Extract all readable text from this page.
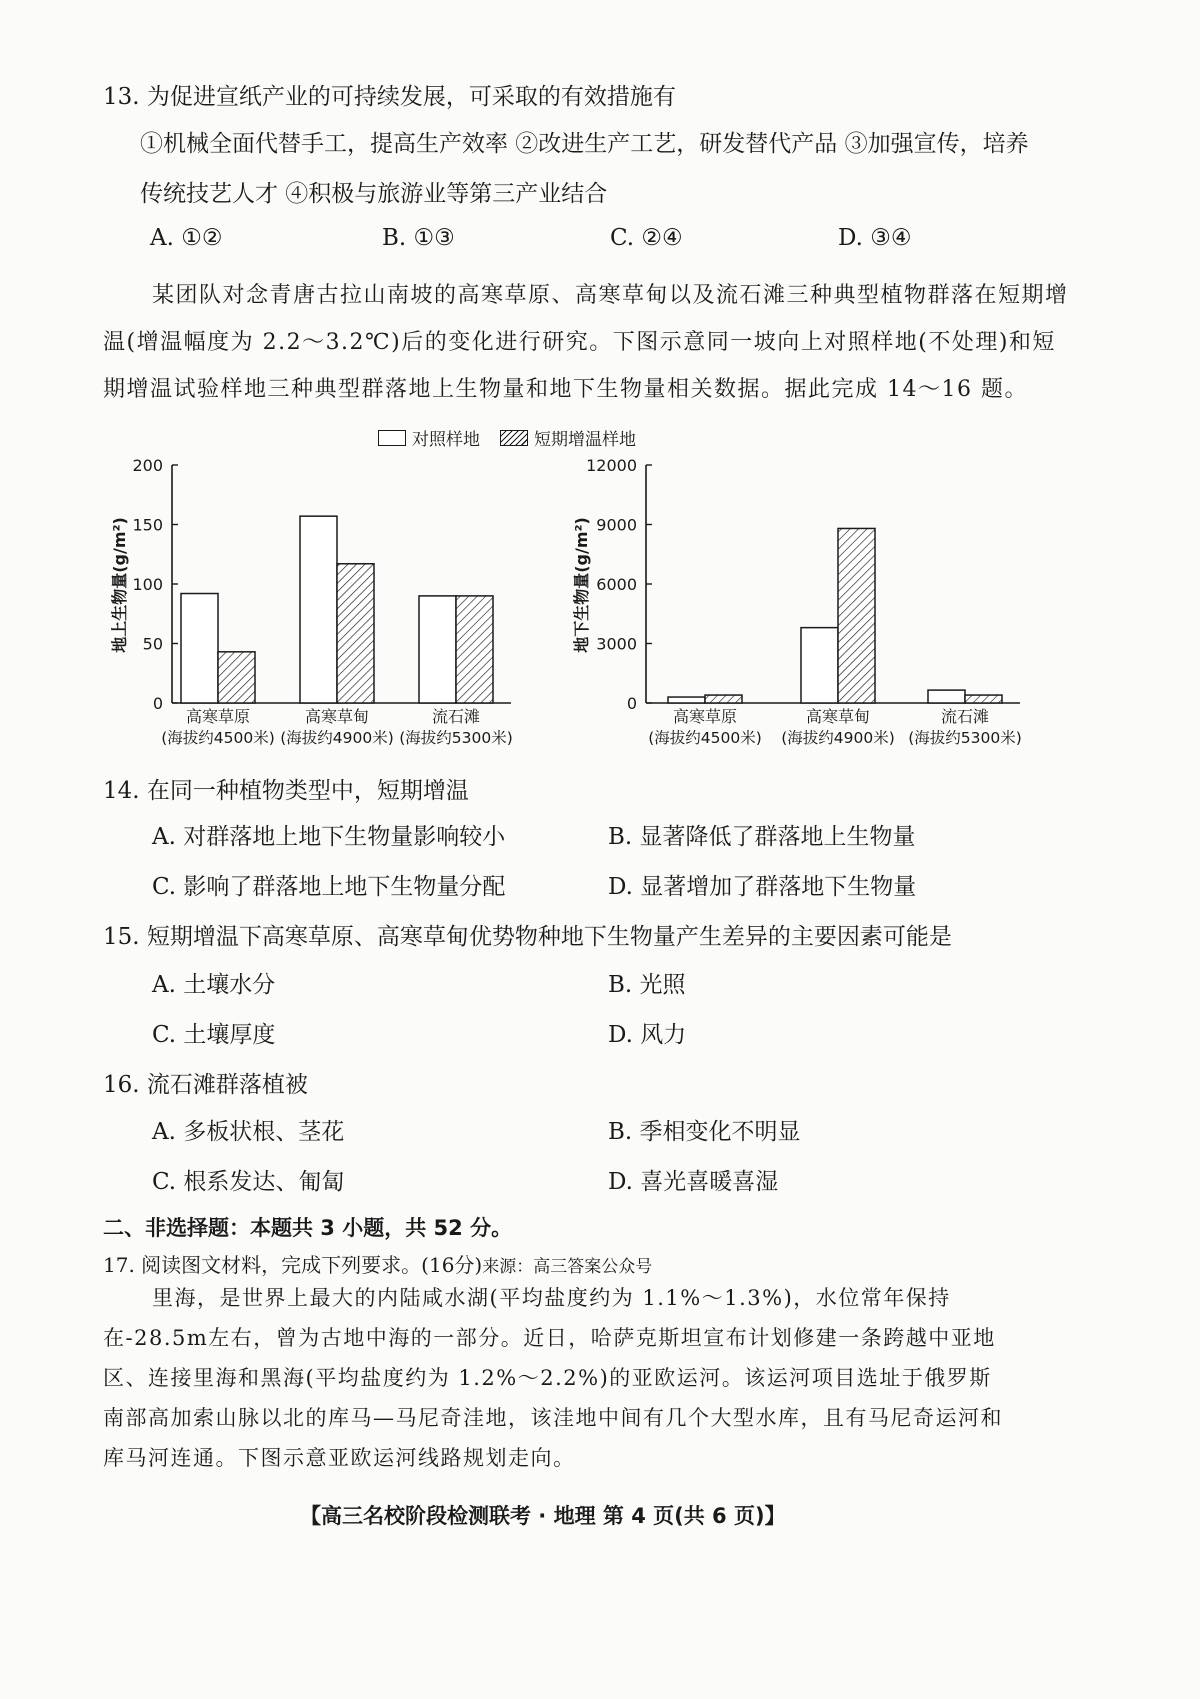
13. 为促进宣纸产业的可持续发展，可采取的有效措施有
①机械全面代替手工，提高生产效率 ②改进生产工艺，研发替代产品 ③加强宣传，培养
传统技艺人才 ④积极与旅游业等第三产业结合
A. ①②	B. ①③	C. ②④	D. ③④
某团队对念青唐古拉山南坡的高寒草原、高寒草甸以及流石滩三种典型植物群落在短期增
温(增温幅度为 2.2～3.2℃)后的变化进行研究。下图示意同一坡向上对照样地(不处理)和短
期增温试验样地三种典型群落地上生物量和地下生物量相关数据。据此完成 14～16 题。
对照样地	短期增温样地
0
50
100
150
200
地上生物量(g/m²)
高寒草原
(海拔约4500米)
高寒草甸
(海拔约4900米)
流石滩
(海拔约5300米)
0
3000
6000
9000
12000
地下生物量(g/m²)
高寒草原
(海拔约4500米)
高寒草甸
(海拔约4900米)
流石滩
(海拔约5300米)
14. 在同一种植物类型中，短期增温
A. 对群落地上地下生物量影响较小	B. 显著降低了群落地上生物量
C. 影响了群落地上地下生物量分配	D. 显著增加了群落地下生物量
15. 短期增温下高寒草原、高寒草甸优势物种地下生物量产生差异的主要因素可能是
A. 土壤水分	B. 光照
C. 土壤厚度	D. 风力
16. 流石滩群落植被
A. 多板状根、茎花	B. 季相变化不明显
C. 根系发达、匍匐	D. 喜光喜暖喜湿
二、非选择题：本题共 3 小题，共 52 分。
17. 阅读图文材料，完成下列要求。(16分)来源：高三答案公众号
里海，是世界上最大的内陆咸水湖(平均盐度约为 1.1%～1.3%)，水位常年保持
在-28.5m左右，曾为古地中海的一部分。近日，哈萨克斯坦宣布计划修建一条跨越中亚地
区、连接里海和黑海(平均盐度约为 1.2%～2.2%)的亚欧运河。该运河项目选址于俄罗斯
南部高加索山脉以北的库马—马尼奇洼地，该洼地中间有几个大型水库，且有马尼奇运河和
库马河连通。下图示意亚欧运河线路规划走向。
【高三名校阶段检测联考 · 地理 第 4 页(共 6 页)】
